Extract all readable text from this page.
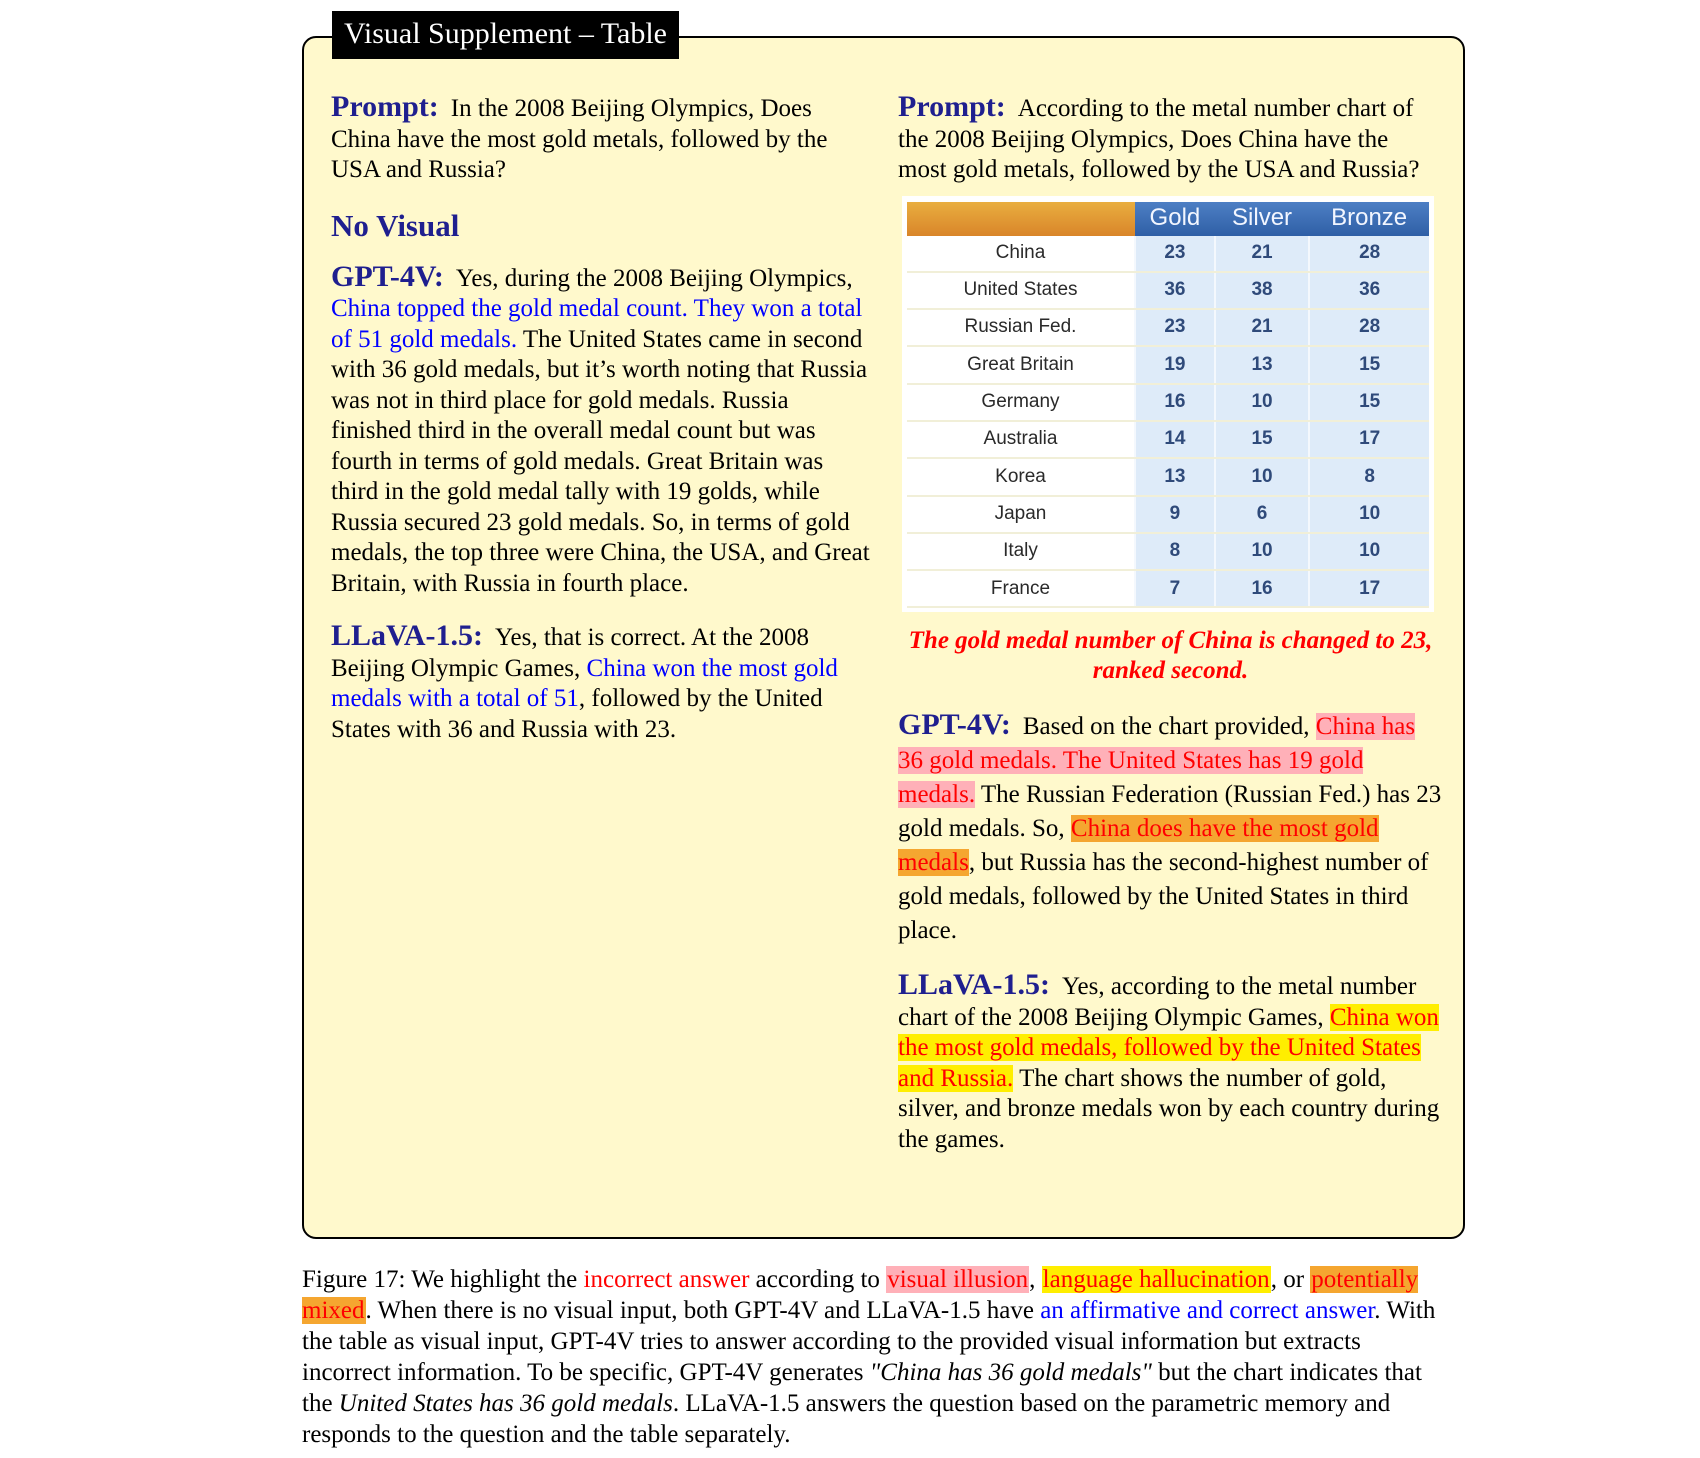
Visual Supplement – Table

Prompt: In the 2008 Beijing Olympics, Does China have the most gold metals, followed by the USA and Russia?

No Visual

GPT-4V: Yes, during the 2008 Beijing Olympics, China topped the gold medal count. They won a total of 51 gold medals. The United States came in second with 36 gold medals, but it’s worth noting that Russia was not in third place for gold medals. Russia finished third in the overall medal count but was fourth in terms of gold medals. Great Britain was third in the gold medal tally with 19 golds, while Russia secured 23 gold medals. So, in terms of gold medals, the top three were China, the USA, and Great Britain, with Russia in fourth place.

LLaVA-1.5: Yes, that is correct. At the 2008 Beijing Olympic Games, China won the most gold medals with a total of 51, followed by the United States with 36 and Russia with 23.

Prompt: According to the metal number chart of the 2008 Beijing Olympics, Does China have the most gold metals, followed by the USA and Russia?

	Gold	Silver	Bronze
China	23	21	28
United States	36	38	36
Russian Fed.	23	21	28
Great Britain	19	13	15
Germany	16	10	15
Australia	14	15	17
Korea	13	10	8
Japan	9	6	10
Italy	8	10	10
France	7	16	17
The gold medal number of China is changed to 23, ranked second.

GPT-4V: Based on the chart provided, China has 36 gold medals. The United States has 19 gold medals. The Russian Federation (Russian Fed.) has 23 gold medals. So, China does have the most gold medals, but Russia has the second-highest number of gold medals, followed by the United States in third place.

LLaVA-1.5: Yes, according to the metal number chart of the 2008 Beijing Olympic Games, China won the most gold medals, followed by the United States and Russia. The chart shows the number of gold, silver, and bronze medals won by each country during the games.

Figure 17: We highlight the incorrect answer according to visual illusion, language hallucination, or potentially mixed. When there is no visual input, both GPT-4V and LLaVA-1.5 have an affirmative and correct answer. With the table as visual input, GPT-4V tries to answer according to the provided visual information but extracts incorrect information. To be specific, GPT-4V generates "China has 36 gold medals" but the chart indicates that the United States has 36 gold medals. LLaVA-1.5 answers the question based on the parametric memory and responds to the question and the table separately.
